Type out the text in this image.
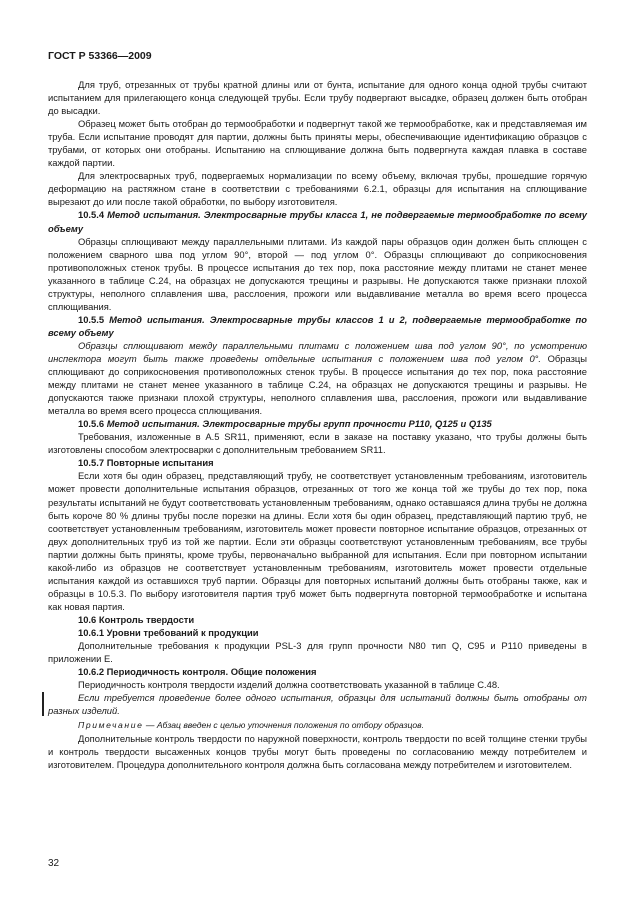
ГОСТ Р 53366—2009

Для труб, отрезанных от трубы кратной длины или от бунта, испытание для одного конца одной трубы считают испытанием для прилегающего конца следующей трубы. Если трубу подвергают высадке, образец должен быть отобран до высадки.

Образец может быть отобран до термообработки и подвергнут такой же термообработке, как и представляемая им труба. Если испытание проводят для партии, должны быть приняты меры, обеспечивающие идентификацию образцов с трубами, от которых они отобраны. Испытанию на сплющивание должна быть подвергнута каждая плавка в составе каждой партии.

Для электросварных труб, подвергаемых нормализации по всему объему, включая трубы, прошедшие горячую деформацию на растяжном стане в соответствии с требованиями 6.2.1, образцы для испытания на сплющивание вырезают до или после такой обработки, по выбору изготовителя.

10.5.4 Метод испытания. Электросварные трубы класса 1, не подвергаемые термообработке по всему объему

Образцы сплющивают между параллельными плитами. Из каждой пары образцов один должен быть сплющен с положением сварного шва под углом 90°, второй — под углом 0°. Образцы сплющивают до соприкосновения противоположных стенок трубы. В процессе испытания до тех пор, пока расстояние между плитами не станет менее указанного в таблице С.24, на образцах не допускаются трещины и разрывы. Не допускаются также признаки плохой структуры, неполного сплавления шва, расслоения, прожоги или выдавливание металла во время всего процесса сплющивания.

10.5.5 Метод испытания. Электросварные трубы классов 1 и 2, подвергаемые термообработке по всему объему

Образцы сплющивают между параллельными плитами с положением шва под углом 90°, по усмотрению инспектора могут быть также проведены отдельные испытания с положением шва под углом 0°. Образцы сплющивают до соприкосновения противоположных стенок трубы. В процессе испытания до тех пор, пока расстояние между плитами не станет менее указанного в таблице С.24, на образцах не допускаются трещины и разрывы. Не допускаются также признаки плохой структуры, неполного сплавления шва, расслоения, прожоги или выдавливание металла во время всего процесса сплющивания.

10.5.6 Метод испытания. Электросварные трубы групп прочности P110, Q125 и Q135

Требования, изложенные в А.5 SR11, применяют, если в заказе на поставку указано, что трубы должны быть изготовлены способом электросварки с дополнительным требованием SR11.

10.5.7 Повторные испытания

Если хотя бы один образец, представляющий трубу, не соответствует установленным требованиям, изготовитель может провести дополнительные испытания образцов, отрезанных от того же конца той же трубы до тех пор, пока результаты испытаний не будут соответствовать установленным требованиям, однако оставшаяся длина трубы не должна быть короче 80 % длины трубы после порезки на длины. Если хотя бы один образец, представляющий партию труб, не соответствует установленным требованиям, изготовитель может провести повторное испытание образцов, отрезанных от двух дополнительных труб из той же партии. Если эти образцы соответствуют установленным требованиям, все трубы партии должны быть приняты, кроме трубы, первоначально выбранной для испытания. Если при повторном испытании какой-либо из образцов не соответствует установленным требованиям, изготовитель может провести отдельные испытания каждой из оставшихся труб партии. Образцы для повторных испытаний должны быть отобраны также, как и образцы в 10.5.3. По выбору изготовителя партия труб может быть подвергнута повторной термообработке и испытана как новая партия.

10.6 Контроль твердости

10.6.1 Уровни требований к продукции

Дополнительные требования к продукции PSL-3 для групп прочности N80 тип Q, С95 и Р110 приведены в приложении Е.

10.6.2 Периодичность контроля. Общие положения

Периодичность контроля твердости изделий должна соответствовать указанной в таблице С.48.

Если требуется проведение более одного испытания, образцы для испытаний должны быть отобраны от разных изделий.

Примечание — Абзац введен с целью уточнения положения по отбору образцов.

Дополнительные контроль твердости по наружной поверхности, контроль твердости по всей толщине стенки трубы и контроль твердости высаженных концов трубы могут быть проведены по согласованию между потребителем и изготовителем. Процедура дополнительного контроля должна быть согласована между потребителем и изготовителем.

32
